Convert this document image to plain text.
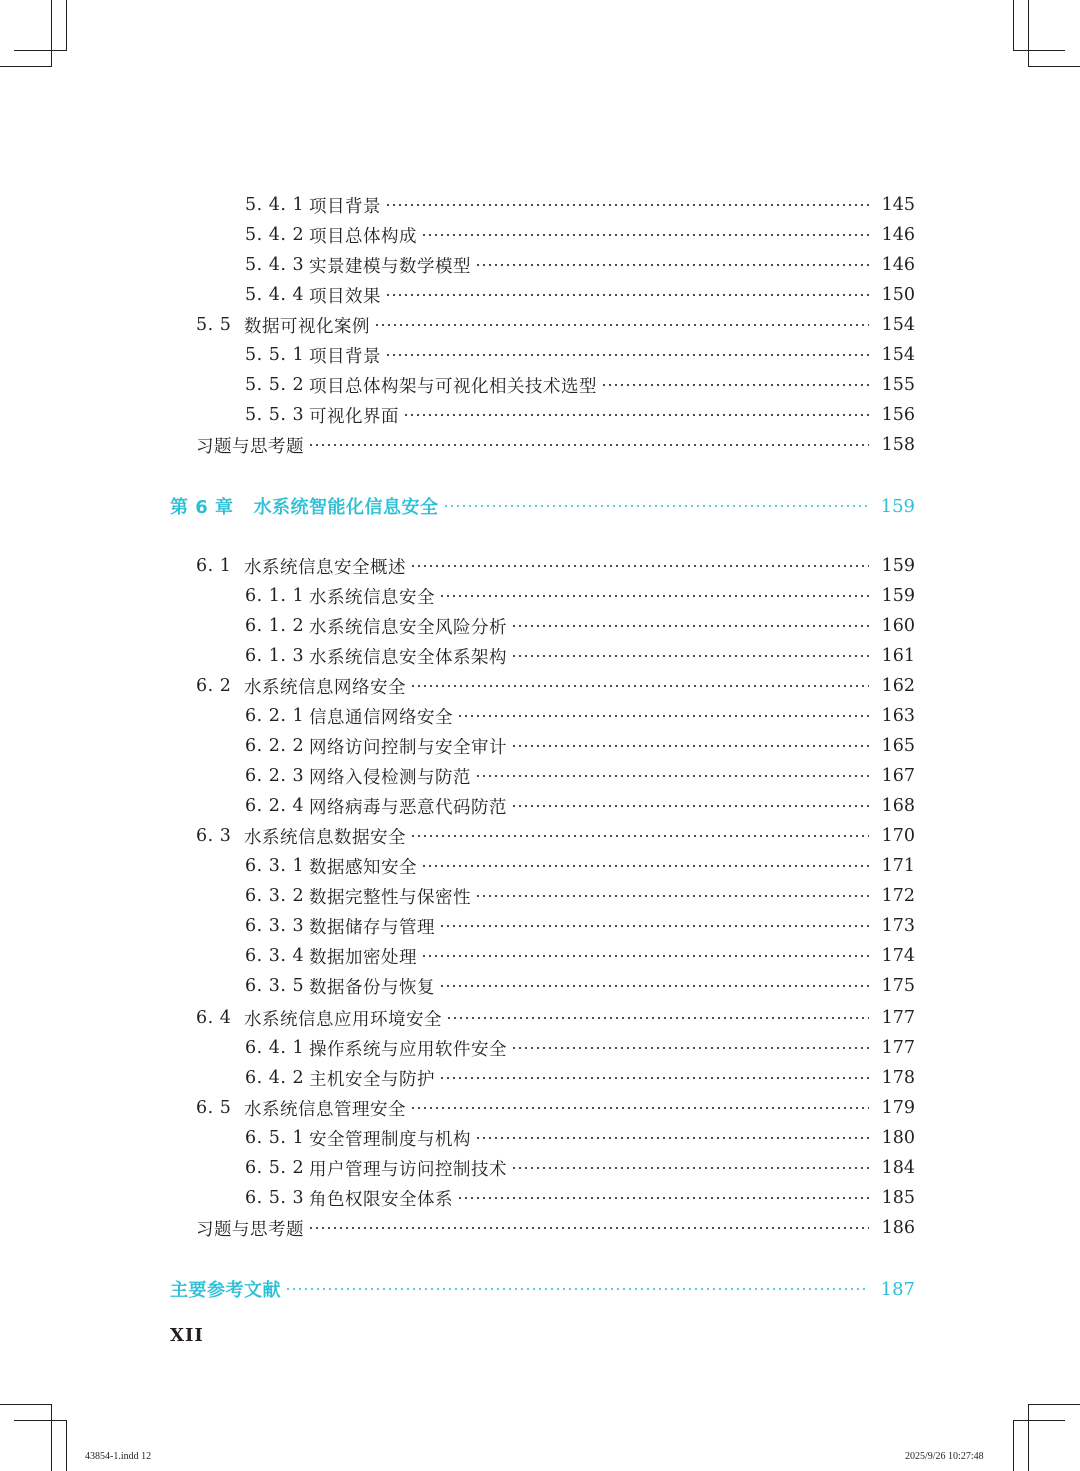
5. 4. 1 项目背景	145
5. 4. 2 项目总体构成	146
5. 4. 3 实景建模与数学模型	146
5. 4. 4 项目效果	150
5. 5 数据可视化案例	154
5. 5. 1 项目背景	154
5. 5. 2 项目总体构架与可视化相关技术选型	155
5. 5. 3 可视化界面	156
习题与思考题	158
第 6 章 水系统智能化信息安全	159
6. 1 水系统信息安全概述	159
6. 1. 1 水系统信息安全	159
6. 1. 2 水系统信息安全风险分析	160
6. 1. 3 水系统信息安全体系架构	161
6. 2 水系统信息网络安全	162
6. 2. 1 信息通信网络安全	163
6. 2. 2 网络访问控制与安全审计	165
6. 2. 3 网络入侵检测与防范	167
6. 2. 4 网络病毒与恶意代码防范	168
6. 3 水系统信息数据安全	170
6. 3. 1 数据感知安全	171
6. 3. 2 数据完整性与保密性	172
6. 3. 3 数据储存与管理	173
6. 3. 4 数据加密处理	174
6. 3. 5 数据备份与恢复	175
6. 4 水系统信息应用环境安全	177
6. 4. 1 操作系统与应用软件安全	177
6. 4. 2 主机安全与防护	178
6. 5 水系统信息管理安全	179
6. 5. 1 安全管理制度与机构	180
6. 5. 2 用户管理与访问控制技术	184
6. 5. 3 角色权限安全体系	185
习题与思考题	186
主要参考文献	187
XII
43854-1.indd 12	2025/9/26 10:27:48
